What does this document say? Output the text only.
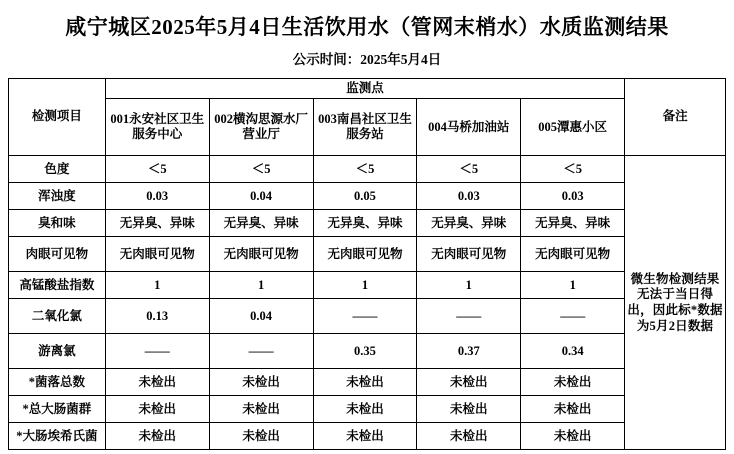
咸宁城区2025年5月4日生活饮用水（管网末梢水）水质监测结果
公示时间：2025年5月4日
检测项目	监测点					备注
	001永安社区卫生服务中心	002横沟思源水厂营业厅	003南昌社区卫生服务站	004马桥加油站	005潭惠小区	
色度	＜5	＜5	＜5	＜5	＜5	微生物检测结果无法于当日得出，因此标*数据为5月2日数据
浑浊度	0.03	0.04	0.05	0.03	0.03	
臭和味	无异臭、异味	无异臭、异味	无异臭、异味	无异臭、异味	无异臭、异味	
肉眼可见物	无肉眼可见物	无肉眼可见物	无肉眼可见物	无肉眼可见物	无肉眼可见物	
高锰酸盐指数	1	1	1	1	1	
二氧化氯	0.13	0.04	——	——	——	
游离氯	——	——	0.35	0.37	0.34	
*菌落总数	未检出	未检出	未检出	未检出	未检出	
*总大肠菌群	未检出	未检出	未检出	未检出	未检出	
*大肠埃希氏菌	未检出	未检出	未检出	未检出	未检出	
